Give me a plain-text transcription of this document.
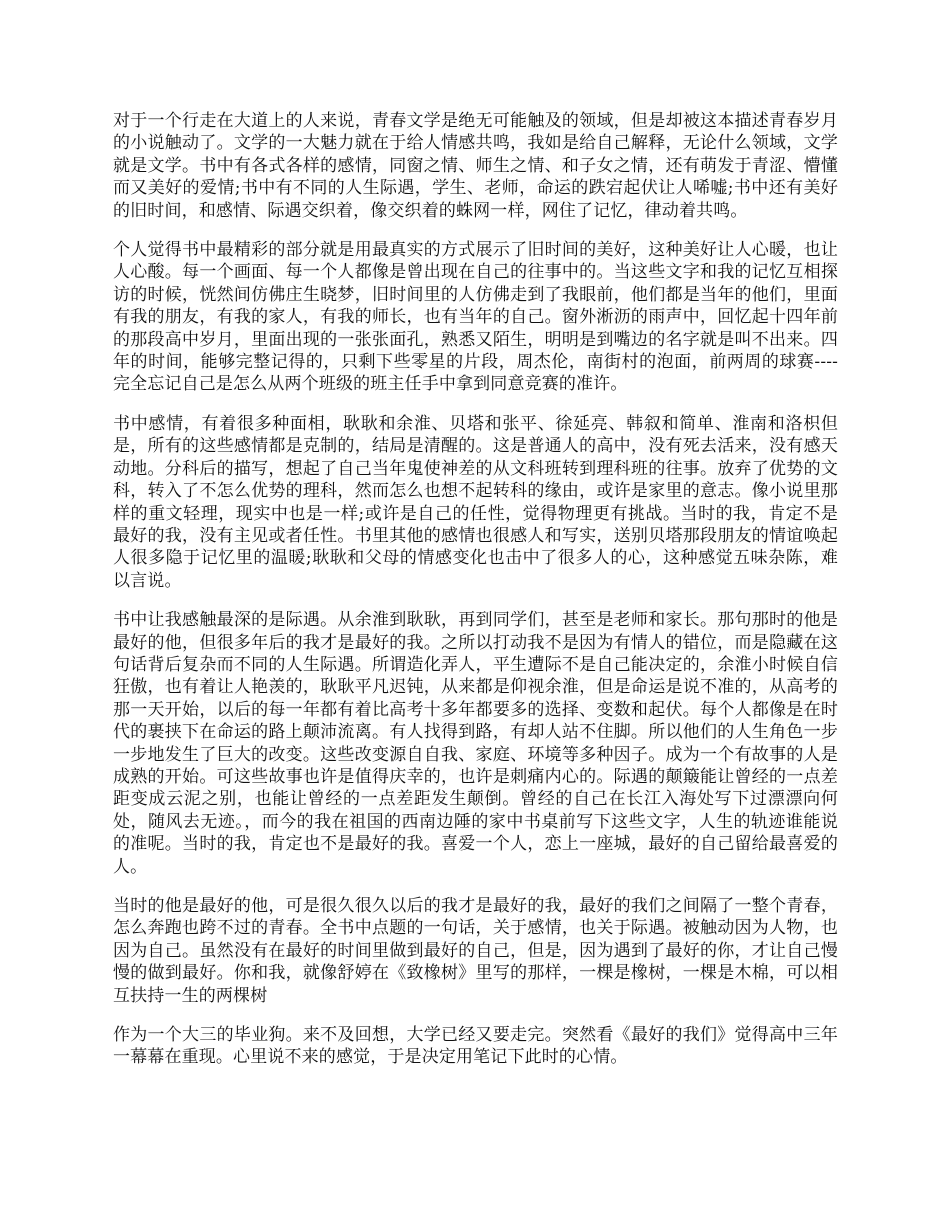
对于一个行走在大道上的人来说，青春文学是绝无可能触及的领域，但是却被这本描述青春岁月的小说触动了。文学的一大魅力就在于给人情感共鸣，我如是给自己解释，无论什么领域，文学就是文学。书中有各式各样的感情，同窗之情、师生之情、和子女之情，还有萌发于青涩、懵懂而又美好的爱情;书中有不同的人生际遇，学生、老师，命运的跌宕起伏让人唏嘘;书中还有美好的旧时间，和感情、际遇交织着，像交织着的蛛网一样，网住了记忆，律动着共鸣。

个人觉得书中最精彩的部分就是用最真实的方式展示了旧时间的美好，这种美好让人心暖，也让人心酸。每一个画面、每一个人都像是曾出现在自己的往事中的。当这些文字和我的记忆互相探访的时候，恍然间仿佛庄生晓梦，旧时间里的人仿佛走到了我眼前，他们都是当年的他们，里面有我的朋友，有我的家人，有我的师长，也有当年的自己。窗外淅沥的雨声中，回忆起十四年前的那段高中岁月，里面出现的一张张面孔，熟悉又陌生，明明是到嘴边的名字就是叫不出来。四年的时间，能够完整记得的，只剩下些零星的片段，周杰伦，南街村的泡面，前两周的球赛----完全忘记自己是怎么从两个班级的班主任手中拿到同意竞赛的准许。

书中感情，有着很多种面相，耿耿和余淮、贝塔和张平、徐延亮、韩叙和简单、淮南和洛枳但是，所有的这些感情都是克制的，结局是清醒的。这是普通人的高中，没有死去活来，没有感天动地。分科后的描写，想起了自己当年鬼使神差的从文科班转到理科班的往事。放弃了优势的文科，转入了不怎么优势的理科，然而怎么也想不起转科的缘由，或许是家里的意志。像小说里那样的重文轻理，现实中也是一样;或许是自己的任性，觉得物理更有挑战。当时的我，肯定不是最好的我，没有主见或者任性。书里其他的感情也很感人和写实，送别贝塔那段朋友的情谊唤起人很多隐于记忆里的温暖;耿耿和父母的情感变化也击中了很多人的心，这种感觉五味杂陈，难以言说。

书中让我感触最深的是际遇。从余淮到耿耿，再到同学们，甚至是老师和家长。那句那时的他是最好的他，但很多年后的我才是最好的我。之所以打动我不是因为有情人的错位，而是隐藏在这句话背后复杂而不同的人生际遇。所谓造化弄人，平生遭际不是自己能决定的，余淮小时候自信狂傲，也有着让人艳羡的，耿耿平凡迟钝，从来都是仰视余淮，但是命运是说不准的，从高考的那一天开始，以后的每一年都有着比高考十多年都要多的选择、变数和起伏。每个人都像是在时代的裹挟下在命运的路上颠沛流离。有人找得到路，有却人站不住脚。所以他们的人生角色一步一步地发生了巨大的改变。这些改变源自自我、家庭、环境等多种因子。成为一个有故事的人是成熟的开始。可这些故事也许是值得庆幸的，也许是刺痛内心的。际遇的颠簸能让曾经的一点差距变成云泥之别，也能让曾经的一点差距发生颠倒。曾经的自己在长江入海处写下过漂漂向何处，随风去无迹。，而今的我在祖国的西南边陲的家中书桌前写下这些文字，人生的轨迹谁能说的准呢。当时的我，肯定也不是最好的我。喜爱一个人，恋上一座城，最好的自己留给最喜爱的人。

当时的他是最好的他，可是很久很久以后的我才是最好的我，最好的我们之间隔了一整个青春，怎么奔跑也跨不过的青春。全书中点题的一句话，关于感情，也关于际遇。被触动因为人物，也因为自己。虽然没有在最好的时间里做到最好的自己，但是，因为遇到了最好的你，才让自己慢慢的做到最好。你和我，就像舒婷在《致橡树》里写的那样，一棵是橡树，一棵是木棉，可以相互扶持一生的两棵树

作为一个大三的毕业狗。来不及回想，大学已经又要走完。突然看《最好的我们》觉得高中三年一幕幕在重现。心里说不来的感觉，于是决定用笔记下此时的心情。
